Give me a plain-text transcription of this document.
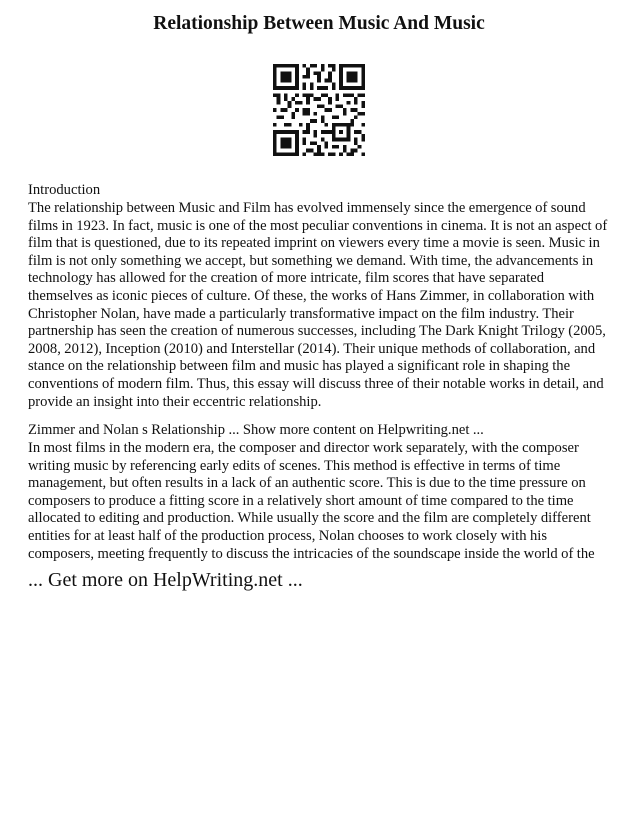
Relationship Between Music And Music

Introduction

The relationship between Music and Film has evolved immensely since the emergence of sound films in 1923. In fact, music is one of the most peculiar conventions in cinema. It is not an aspect of film that is questioned, due to its repeated imprint on viewers every time a movie is seen. Music in film is not only something we accept, but something we demand. With time, the advancements in technology has allowed for the creation of more intricate, film scores that have separated themselves as iconic pieces of culture. Of these, the works of Hans Zimmer, in collaboration with Christopher Nolan, have made a particularly transformative impact on the film industry. Their partnership has seen the creation of numerous successes, including The Dark Knight Trilogy (2005, 2008, 2012), Inception (2010) and Interstellar (2014). Their unique methods of collaboration, and stance on the relationship between film and music has played a significant role in shaping the conventions of modern film. Thus, this essay will discuss three of their notable works in detail, and provide an insight into their eccentric relationship.

Zimmer and Nolan s Relationship ... Show more content on Helpwriting.net ...

In most films in the modern era, the composer and director work separately, with the composer writing music by referencing early edits of scenes. This method is effective in terms of time management, but often results in a lack of an authentic score. This is due to the time pressure on composers to produce a fitting score in a relatively short amount of time compared to the time allocated to editing and production. While usually the score and the film are completely different entities for at least half of the production process, Nolan chooses to work closely with his composers, meeting frequently to discuss the intricacies of the soundscape inside the world of the

... Get more on HelpWriting.net ...
